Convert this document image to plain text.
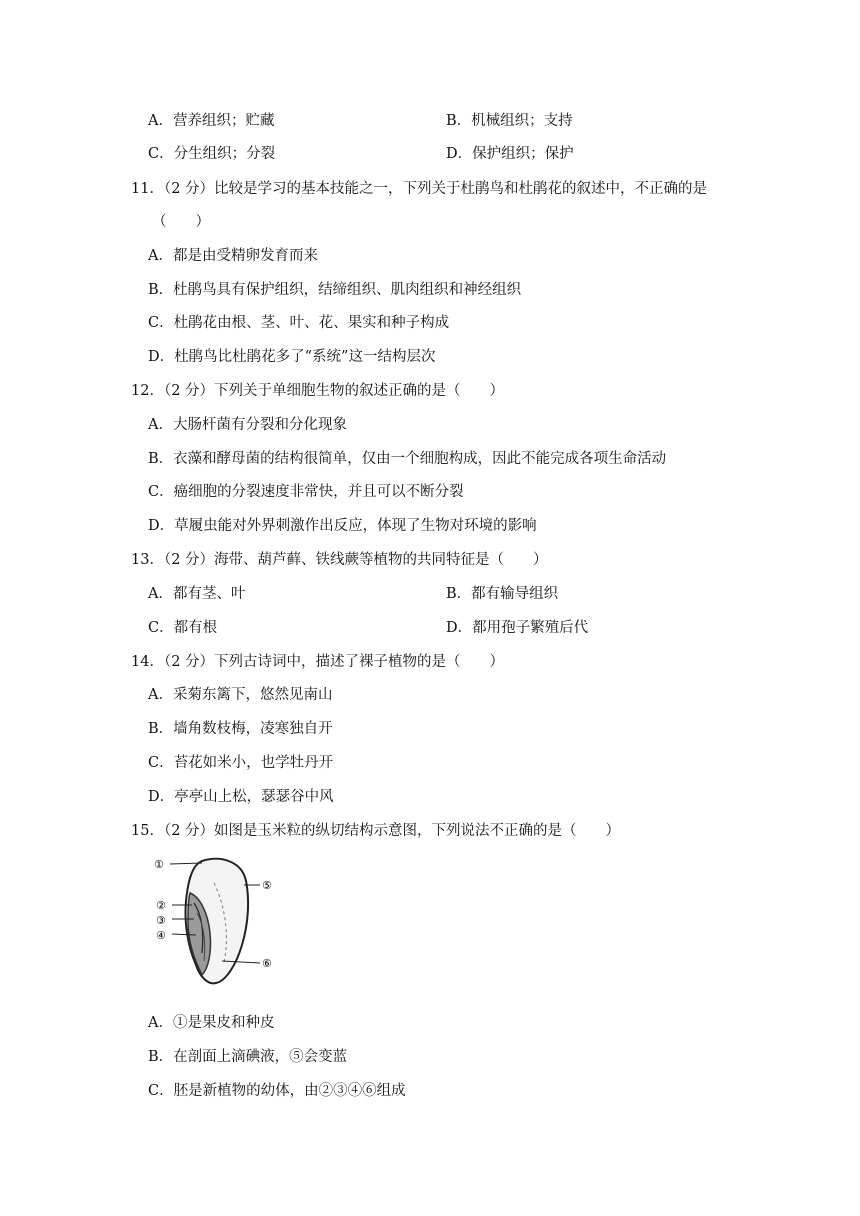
A．营养组织；贮藏	B．机械组织；支持
C．分生组织；分裂	D．保护组织；保护
11．（2 分）比较是学习的基本技能之一，下列关于杜鹃鸟和杜鹃花的叙述中，不正确的是
（　　）
A．都是由受精卵发育而来
B．杜鹃鸟具有保护组织，结缔组织、肌肉组织和神经组织
C．杜鹃花由根、茎、叶、花、果实和种子构成
D．杜鹃鸟比杜鹃花多了“系统”这一结构层次
12．（2 分）下列关于单细胞生物的叙述正确的是（　　）
A．大肠杆菌有分裂和分化现象
B．衣藻和酵母菌的结构很简单，仅由一个细胞构成，因此不能完成各项生命活动
C．癌细胞的分裂速度非常快，并且可以不断分裂
D．草履虫能对外界刺激作出反应，体现了生物对环境的影响
13．（2 分）海带、葫芦藓、铁线蕨等植物的共同特征是（　　）
A．都有茎、叶	B．都有输导组织
C．都有根	D．都用孢子繁殖后代
14．（2 分）下列古诗词中，描述了裸子植物的是（　　）
A．采菊东篱下，悠然见南山
B．墙角数枝梅，凌寒独自开
C．苔花如米小，也学牡丹开
D．亭亭山上松，瑟瑟谷中风
15．（2 分）如图是玉米粒的纵切结构示意图，下列说法不正确的是（　　）
①
②
③
④
⑤
⑥
A．①是果皮和种皮
B．在剖面上滴碘液，⑤会变蓝
C．胚是新植物的幼体，由②③④⑥组成
